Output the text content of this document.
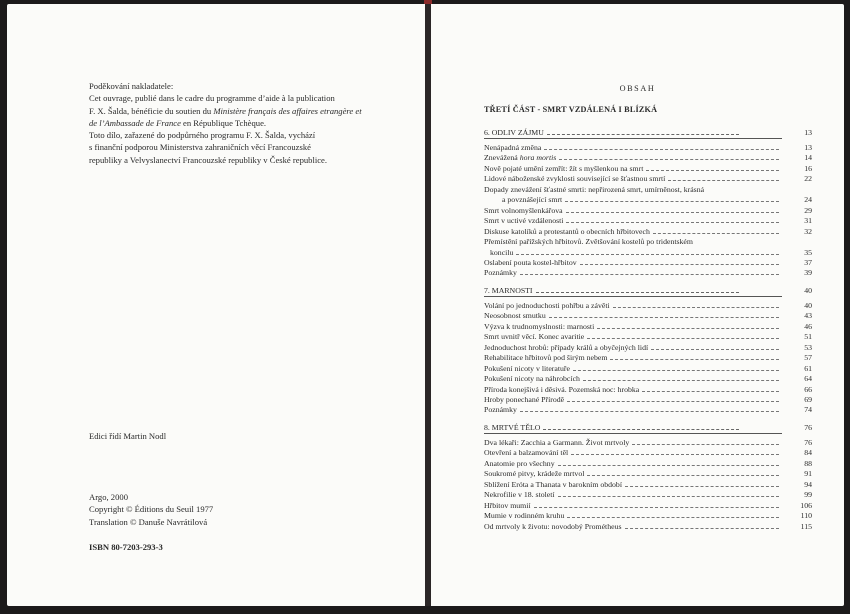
Poděkování nakladatele:

Cet ouvrage, publié dans le cadre du programme d’aide à la publication

F. X. Šalda, bénéficie du soutien du Ministère français des affaires etrangère et

de l’Ambassade de France en République Tchèque.

Toto dílo, zařazené do podpůrného programu F. X. Šalda, vychází

s finanční podporou Ministerstva zahraničních věcí Francouzské

republiky a Velvyslanectví Francouzské republiky v České republice.

Edici řídí Martin Nodl

Argo, 2000

Copyright © Éditions du Seuil 1977

Translation © Danuše Navrátilová

ISBN 80-7203-293-3
OBSAH
TŘETÍ ČÁST - SMRT VZDÁLENÁ I BLÍZKÁ
6. ODLIV ZÁJMU	13
Nenápadná změna	13
Znevážená hora mortis	14
Nově pojaté umění zemřít: žít s myšlenkou na smrt	16
Lidové náboženské zvyklosti související se šťastnou smrtí	22
Dopady znevážení šťastné smrti: nepřirozená smrt, umírněnost, krásná
a povznášející smrt	24
Smrt volnomyšlenkářova	29
Smrt v uctivé vzdálenosti	31
Diskuse katolíků a protestantů o obecních hřbitovech	32
Přemístění pařížských hřbitovů. Zvětšování kostelů po tridentském
koncilu	35
Oslabení pouta kostel-hřbitov	37
Poznámky	39
7. MARNOSTI	40
Volání po jednoduchosti pohřbu a závěti	40
Neosobnost smutku	43
Výzva k trudnomyslnosti: marnosti	46
Smrt uvnitř věcí. Konec avaritie	51
Jednoduchost hrobů: případy králů a obyčejných lidí	53
Rehabilitace hřbitovů pod širým nebem	57
Pokušení nicoty v literatuře	61
Pokušení nicoty na náhrobcích	64
Příroda konejšivá i děsivá. Pozemská noc: hrobka	66
Hroby ponechané Přírodě	69
Poznámky	74
8. MRTVÉ TĚLO	76
Dva lékaři: Zacchia a Garmann. Život mrtvoly	76
Otevření a balzamování těl	84
Anatomie pro všechny	88
Soukromé pitvy, krádeže mrtvol	91
Sblížení Eróta a Thanata v barokním období	94
Nekrofilie v 18. století	99
Hřbitov mumií	106
Mumie v rodinném kruhu	110
Od mrtvoly k životu: novodobý Prométheus	115
